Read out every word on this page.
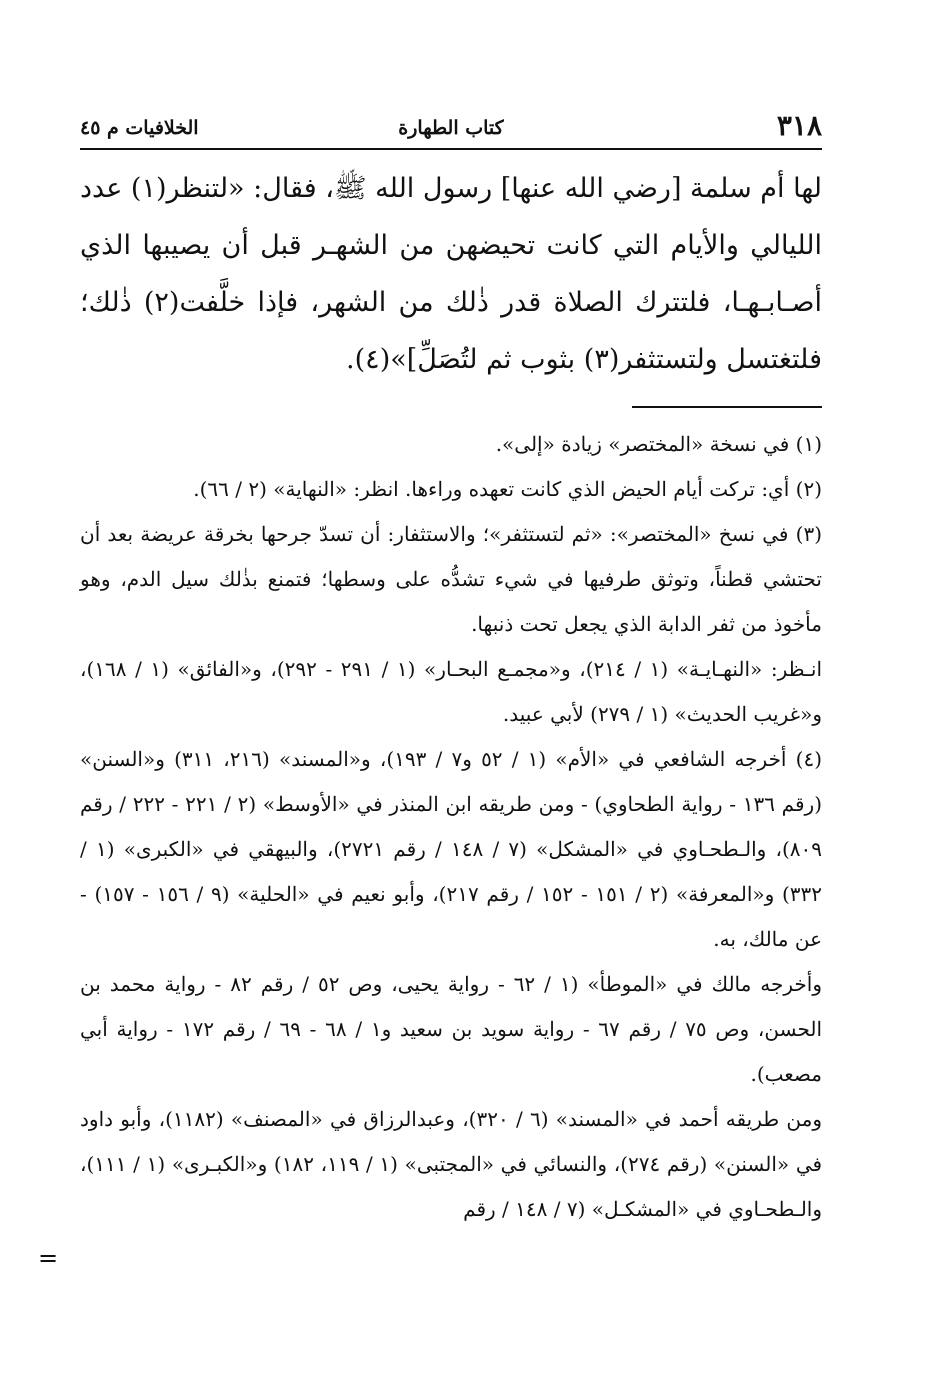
٣١٨
كتاب الطهارة
الخلافيات م ٤٥

لها أم سلمة [رضي الله عنها] رسول الله ﷺ، فقال: «لتنظر(١) عدد الليالي والأيام التي كانت تحيضهن من الشهـر قبل أن يصيبها الذي أصـابـهـا، فلتترك الصلاة قدر ذٰلك من الشهر، فإذا خلَّفت(٢) ذٰلك؛ فلتغتسل ولتستثفر(٣) بثوب ثم لتُصَلِّ]»(٤).

(١) في نسخة «المختصر» زيادة «إلى».

(٢) أي: تركت أيام الحيض الذي كانت تعهده وراءها. انظر: «النهاية» (٢ / ٦٦).

(٣) في نسخ «المختصر»: «ثم لتستثفر»؛ والاستثفار: أن تسدّ جرحها بخرقة عريضة بعد أن تحتشي قطناً، وتوثق طرفيها في شيء تشدُّه على وسطها؛ فتمنع بذٰلك سيل الدم، وهو مأخوذ من ثفر الدابة الذي يجعل تحت ذنبها.

انـظر: «النهـايـة» (١ / ٢١٤)، و«مجمـع البحـار» (١ / ٢٩١ - ٢٩٢)، و«الفائق» (١ / ١٦٨)، و«غريب الحديث» (١ / ٢٧٩) لأبي عبيد.

(٤) أخرجه الشافعي في «الأم» (١ / ٥٢ و٧ / ١٩٣)، و«المسند» (٢١٦، ٣١١) و«السنن» (رقم ١٣٦ - رواية الطحاوي) - ومن طريقه ابن المنذر في «الأوسط» (٢ / ٢٢١ - ٢٢٢ / رقم ٨٠٩)، والـطحـاوي في «المشكل» (٧ / ١٤٨ / رقم ٢٧٢١)، والبيهقي في «الكبرى» (١ / ٣٣٢) و«المعرفة» (٢ / ١٥١ - ١٥٢ / رقم ٢١٧)، وأبو نعيم في «الحلية» (٩ / ١٥٦ - ١٥٧) - عن مالك، به.

وأخرجه مالك في «الموطأ» (١ / ٦٢ - رواية يحيى، وص ٥٢ / رقم ٨٢ - رواية محمد بن الحسن، وص ٧٥ / رقم ٦٧ - رواية سويد بن سعيد و١ / ٦٨ - ٦٩ / رقم ١٧٢ - رواية أبي مصعب).

ومن طريقه أحمد في «المسند» (٦ / ٣٢٠)، وعبدالرزاق في «المصنف» (١١٨٢)، وأبو داود في «السنن» (رقم ٢٧٤)، والنسائي في «المجتبى» (١ / ١١٩، ١٨٢) و«الكبـرى» (١ / ١١١)، والـطحـاوي في «المشكـل» (٧ / ١٤٨ / رقم

=
